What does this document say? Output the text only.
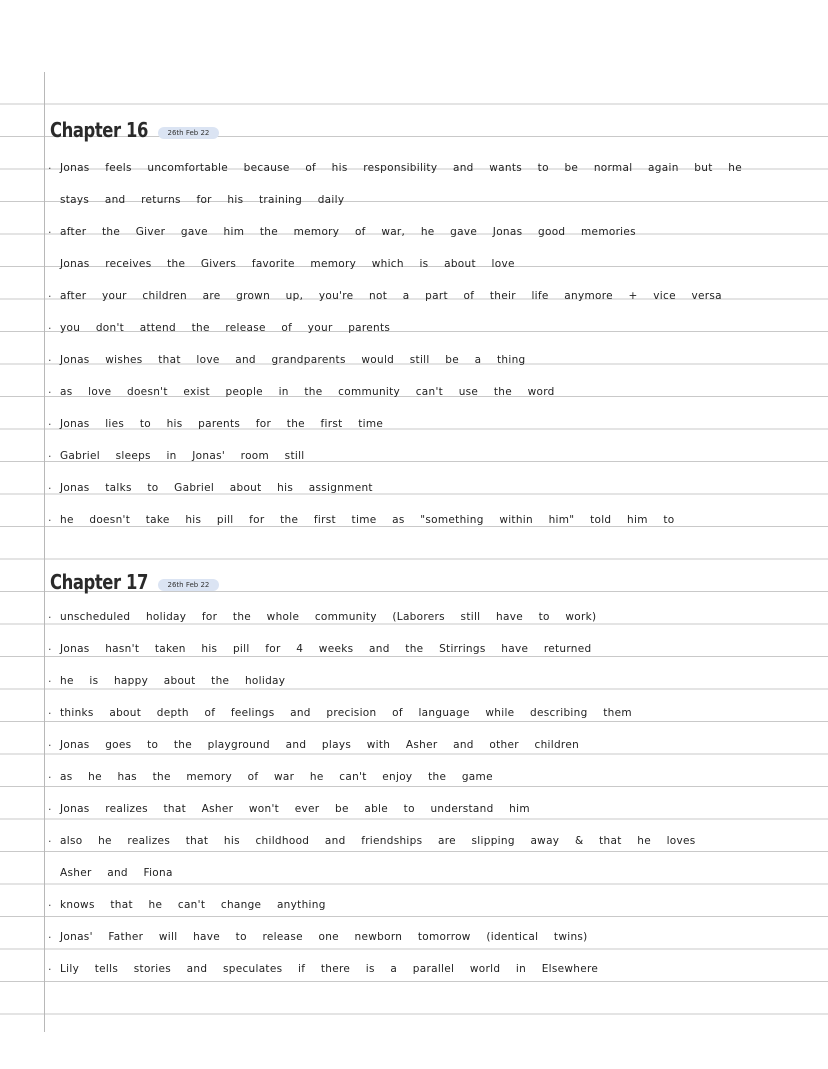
Chapter 16	26th Feb 22
· Jonas feels uncomfortable because of his responsibility and wants to be normal again but he
stays and returns for his training daily
· after the Giver gave him the memory of war, he gave Jonas good memories
Jonas receives the Givers favorite memory which is about love
· after your children are grown up, you're not a part of their life anymore + vice versa
· you don't attend the release of your parents
· Jonas wishes that love and grandparents would still be a thing
· as love doesn't exist people in the community can't use the word
· Jonas lies to his parents for the first time
· Gabriel sleeps in Jonas' room still
· Jonas talks to Gabriel about his assignment
· he doesn't take his pill for the first time as "something within him" told him to
Chapter 17	26th Feb 22
· unscheduled holiday for the whole community (Laborers still have to work)
· Jonas hasn't taken his pill for 4 weeks and the Stirrings have returned
· he is happy about the holiday
· thinks about depth of feelings and precision of language while describing them
· Jonas goes to the playground and plays with Asher and other children
· as he has the memory of war he can't enjoy the game
· Jonas realizes that Asher won't ever be able to understand him
· also he realizes that his childhood and friendships are slipping away & that he loves
Asher and Fiona
· knows that he can't change anything
· Jonas' Father will have to release one newborn tomorrow (identical twins)
· Lily tells stories and speculates if there is a parallel world in Elsewhere
